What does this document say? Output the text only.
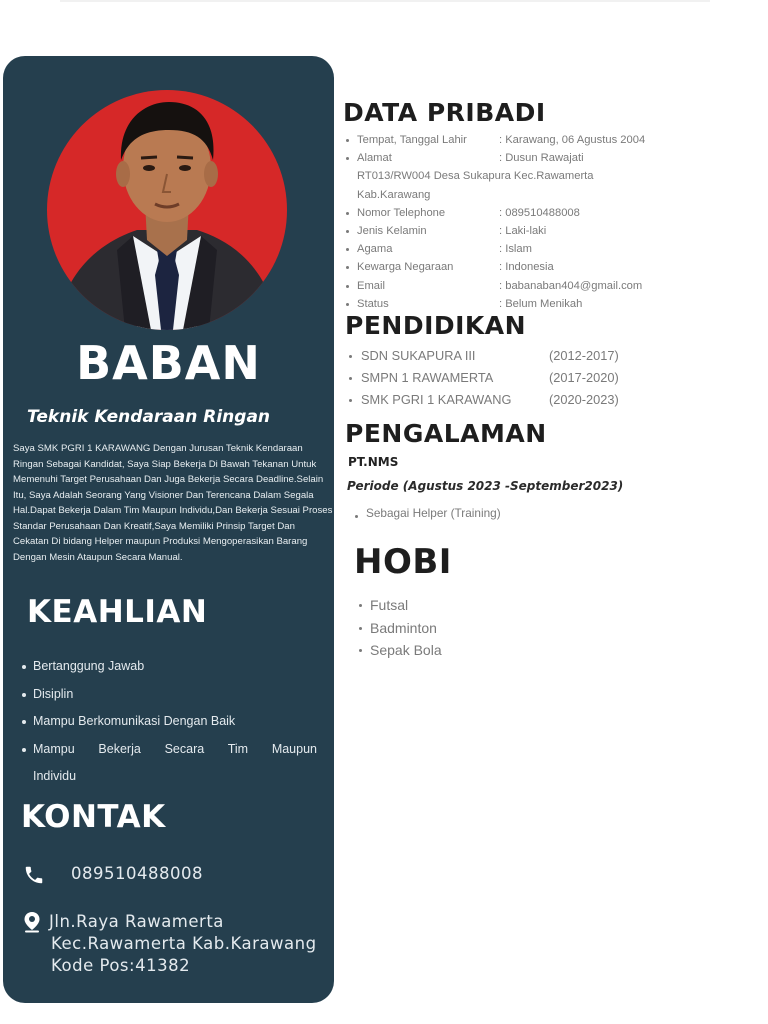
BABAN
Teknik Kendaraan Ringan

Saya SMK PGRI 1 KARAWANG Dengan Jurusan Teknik Kendaraan Ringan Sebagai Kandidat, Saya Siap Bekerja Di Bawah Tekanan Untuk Memenuhi Target Perusahaan Dan Juga Bekerja Secara Deadline.Selain Itu, Saya Adalah Seorang Yang Visioner Dan Terencana Dalam Segala Hal.Dapat Bekerja Dalam Tim Maupun Individu,Dan Bekerja Sesuai Proses Standar Perusahaan Dan Kreatif,Saya Memiliki Prinsip Target Dan Cekatan Di bidang Helper maupun Produksi Mengoperasikan Barang Dengan Mesin Ataupun Secara Manual.

KEAHLIAN
Bertanggung Jawab
Disiplin
Mampu Berkomunikasi Dengan Baik
Mampu Bekerja Secara Tim Maupun
Individu
KONTAK
089510488008
Jln.Raya Rawamerta
Kec.Rawamerta Kab.Karawang
Kode Pos:41382
DATA PRIBADI
Tempat, Tanggal Lahir	: Karawang, 06 Agustus 2004
Alamat	: Dusun Rawajati
RT013/RW004 Desa Sukapura Kec.Rawamerta
Kab.Karawang
Nomor Telephone	: 089510488008
Jenis Kelamin	: Laki-laki
Agama	: Islam
Kewarga Negaraan	: Indonesia
Email	: babanaban404@gmail.com
Status	: Belum Menikah
PENDIDIKAN
SDN SUKAPURA III	(2012-2017)
SMPN 1 RAWAMERTA	(2017-2020)
SMK PGRI 1 KARAWANG	(2020-2023)
PENGALAMAN
PT.NMS
Periode (Agustus 2023 -September2023)
Sebagai Helper (Training)
HOBI
Futsal
Badminton
Sepak Bola
